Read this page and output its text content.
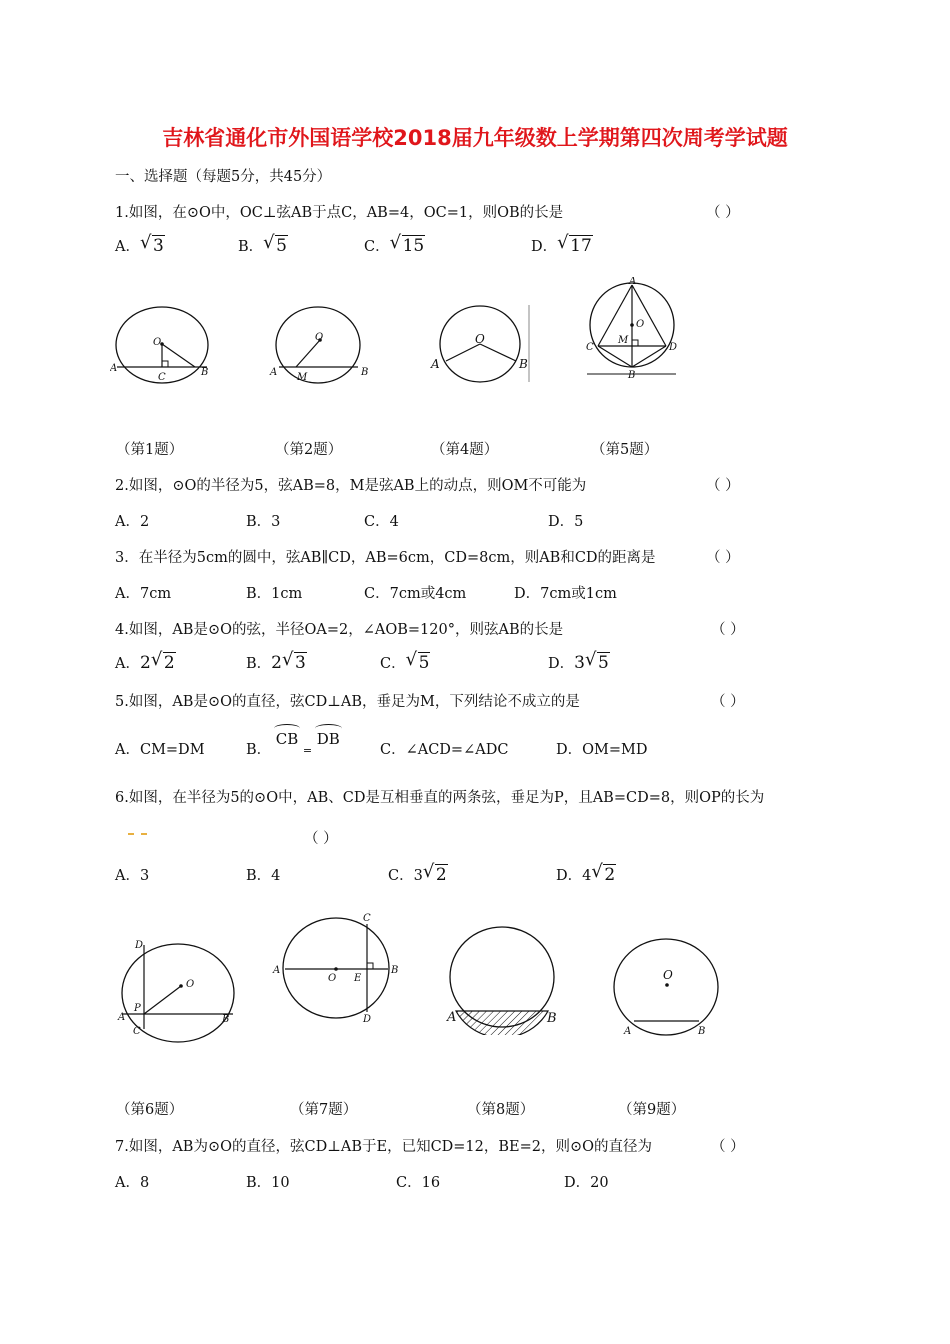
吉林省通化市外国语学校2018届九年级数上学期第四次周考学试题
一、选择题（每题5分，共45分）
1.如图，在⊙O中，OC⊥弦AB于点C，AB=4，OC=1，则OB的长是	（ ）
A． √ 3	B． √ 5	C． √ 15	D． √ 17
O
A	B
C
O
A	B
M
O
A	B
A
O
C	D
M
B
（第1题）	（第2题）	（第4题）	（第5题）
2.如图，⊙O的半径为5，弦AB=8，M是弦AB上的动点，则OM不可能为	（ ）
A．2	B．3	C．4	D．5
3．在半径为5cm的圆中，弦AB∥CD，AB=6cm，CD=8cm，则AB和CD的距离是	（ ）
A．7cm	B．1cm	C．7cm或4cm	D．7cm或1cm
4.如图，AB是⊙O的弦，半径OA=2，∠AOB=120°，则弦AB的长是	（ ）
A．2 √ 2	B．2 √ 3	C． √ 5	D．3 √ 5
5.如图，AB是⊙O的直径，弦CD⊥AB，垂足为M，下列结论不成立的是	（ ）
A．CM=DM	B． CB = DB
C．∠ACD=∠ADC	D．OM=MD
6.如图，在半径为5的⊙O中，AB、CD是互相垂直的两条弦，垂足为P，且AB=CD=8，则OP的长为
（ ）
A．3	B．4	C．3 √ 2	D．4 √ 2
O
D
P
A	B
C
C
A	B
O E
D	A	B
O
A	B
（第6题）	（第7题）	（第8题）	（第9题）
7.如图，AB为⊙O的直径，弦CD⊥AB于E，已知CD=12，BE=2，则⊙O的直径为	（ ）
A．8	B．10	C．16	D．20
